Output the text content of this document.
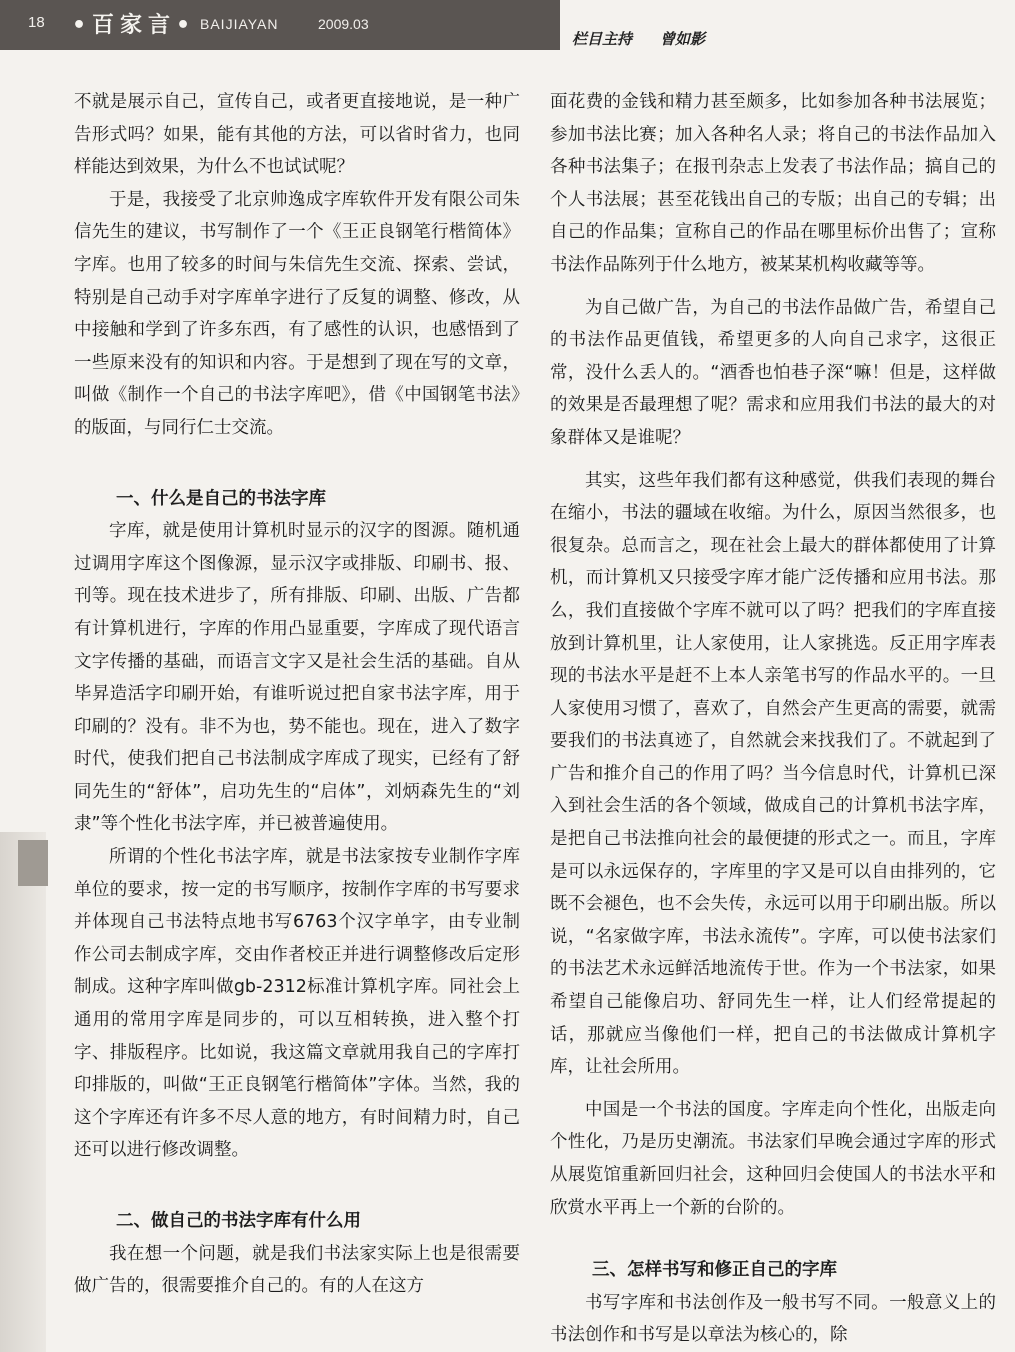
18 •百家言• BAIJIAYAN	2009.03
栏目主持 曾如影

不就是展示自己，宣传自己，或者更直接地说，是一种广告形式吗？如果，能有其他的方法，可以省时省力，也同样能达到效果，为什么不也试试呢？

于是，我接受了北京帅逸成字库软件开发有限公司朱信先生的建议，书写制作了一个《王正良钢笔行楷简体》字库。也用了较多的时间与朱信先生交流、探索、尝试，特别是自己动手对字库单字进行了反复的调整、修改，从中接触和学到了许多东西，有了感性的认识，也感悟到了一些原来没有的知识和内容。于是想到了现在写的文章，叫做《制作一个自己的书法字库吧》，借《中国钢笔书法》的版面，与同行仁士交流。

一、什么是自己的书法字库

字库，就是使用计算机时显示的汉字的图源。随机通过调用字库这个图像源，显示汉字或排版、印刷书、报、刊等。现在技术进步了，所有排版、印刷、出版、广告都有计算机进行，字库的作用凸显重要，字库成了现代语言文字传播的基础，而语言文字又是社会生活的基础。自从毕昇造活字印刷开始，有谁听说过把自家书法字库，用于印刷的？没有。非不为也，势不能也。现在，进入了数字时代，使我们把自己书法制成字库成了现实，已经有了舒同先生的“舒体”，启功先生的“启体”，刘炳森先生的“刘隶”等个性化书法字库，并已被普遍使用。

所谓的个性化书法字库，就是书法家按专业制作字库单位的要求，按一定的书写顺序，按制作字库的书写要求并体现自己书法特点地书写6763个汉字单字，由专业制作公司去制成字库，交由作者校正并进行调整修改后定形制成。这种字库叫做gb-2312标准计算机字库。同社会上通用的常用字库是同步的，可以互相转换，进入整个打字、排版程序。比如说，我这篇文章就用我自己的字库打印排版的，叫做“王正良钢笔行楷简体”字体。当然，我的这个字库还有许多不尽人意的地方，有时间精力时，自己还可以进行修改调整。

二、做自己的书法字库有什么用

我在想一个问题，就是我们书法家实际上也是很需要做广告的，很需要推介自己的。有的人在这方

面花费的金钱和精力甚至颇多，比如参加各种书法展览；参加书法比赛；加入各种名人录；将自己的书法作品加入各种书法集子；在报刊杂志上发表了书法作品；搞自己的个人书法展；甚至花钱出自己的专版；出自己的专辑；出自己的作品集；宣称自己的作品在哪里标价出售了；宣称书法作品陈列于什么地方，被某某机构收藏等等。

为自己做广告，为自己的书法作品做广告，希望自己的书法作品更值钱，希望更多的人向自己求字，这很正常，没什么丢人的。“酒香也怕巷子深“嘛！但是，这样做的效果是否最理想了呢？需求和应用我们书法的最大的对象群体又是谁呢？

其实，这些年我们都有这种感觉，供我们表现的舞台在缩小，书法的疆域在收缩。为什么，原因当然很多，也很复杂。总而言之，现在社会上最大的群体都使用了计算机，而计算机又只接受字库才能广泛传播和应用书法。那么，我们直接做个字库不就可以了吗？把我们的字库直接放到计算机里，让人家使用，让人家挑选。反正用字库表现的书法水平是赶不上本人亲笔书写的作品水平的。一旦人家使用习惯了，喜欢了，自然会产生更高的需要，就需要我们的书法真迹了，自然就会来找我们了。不就起到了广告和推介自己的作用了吗？当今信息时代，计算机已深入到社会生活的各个领域，做成自己的计算机书法字库，是把自己书法推向社会的最便捷的形式之一。而且，字库是可以永远保存的，字库里的字又是可以自由排列的，它既不会褪色，也不会失传，永远可以用于印刷出版。所以说，“名家做字库，书法永流传”。字库，可以使书法家们的书法艺术永远鲜活地流传于世。作为一个书法家，如果希望自己能像启功、舒同先生一样，让人们经常提起的话，那就应当像他们一样，把自己的书法做成计算机字库，让社会所用。

中国是一个书法的国度。字库走向个性化，出版走向个性化，乃是历史潮流。书法家们早晚会通过字库的形式从展览馆重新回归社会，这种回归会使国人的书法水平和欣赏水平再上一个新的台阶的。

三、怎样书写和修正自己的字库

书写字库和书法创作及一般书写不同。一般意义上的书法创作和书写是以章法为核心的，除
